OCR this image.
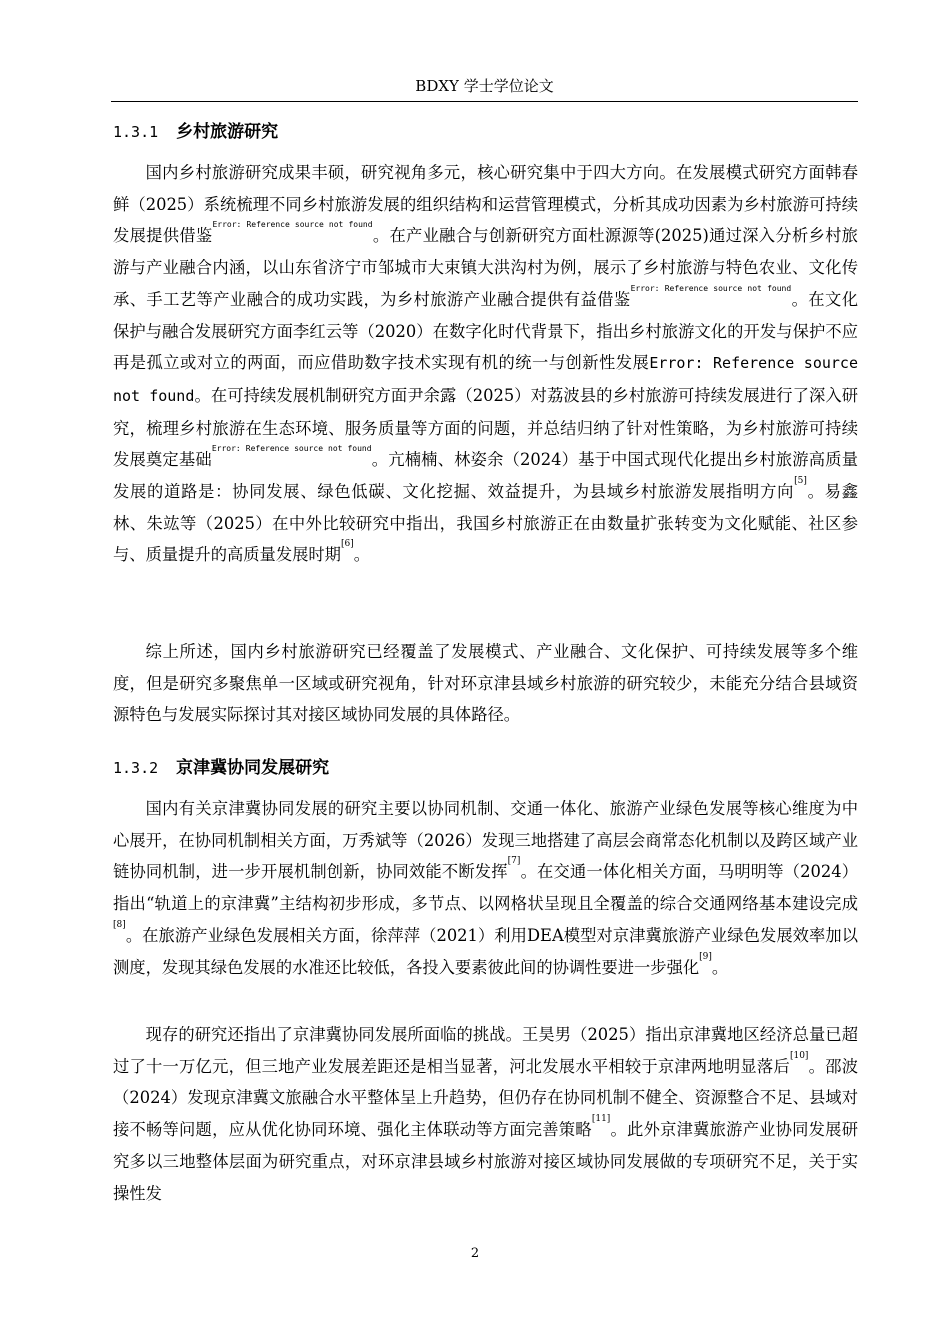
BDXY 学士学位论文
1.3.1 乡村旅游研究

国内乡村旅游研究成果丰硕，研究视角多元，核心研究集中于四大方向。在发展模式研究方面韩春鲜（2025）系统梳理不同乡村旅游发展的组织结构和运营管理模式，分析其成功因素为乡村旅游可持续发展提供借鉴$^{Error: Reference source not found}$。在产业融合与创新研究方面杜源源等(2025)通过深入分析乡村旅游与产业融合内涵，以山东省济宁市邹城市大束镇大洪沟村为例，展示了乡村旅游与特色农业、文化传承、手工艺等产业融合的成功实践，为乡村旅游产业融合提供有益借鉴$^{Error: Reference source not found}$。在文化保护与融合发展研究方面李红云等（2020）在数字化时代背景下，指出乡村旅游文化的开发与保护不应再是孤立或对立的两面，而应借助数字技术实现有机的统一与创新性发展Error: Reference source not found。在可持续发展机制研究方面尹余露（2025）对荔波县的乡村旅游可持续发展进行了深入研究，梳理乡村旅游在生态环境、服务质量等方面的问题，并总结归纳了针对性策略，为乡村旅游可持续发展奠定基础$^{Error: Reference source not found}$。亢楠楠、林姿余（2024）基于中国式现代化提出乡村旅游高质量发展的道路是：协同发展、绿色低碳、文化挖掘、效益提升，为县域乡村旅游发展指明方向[5]。易鑫林、朱竑等（2025）在中外比较研究中指出，我国乡村旅游正在由数量扩张转变为文化赋能、社区参与、质量提升的高质量发展时期[6]。

综上所述，国内乡村旅游研究已经覆盖了发展模式、产业融合、文化保护、可持续发展等多个维度，但是研究多聚焦单一区域或研究视角，针对环京津县域乡村旅游的研究较少，未能充分结合县域资源特色与发展实际探讨其对接区域协同发展的具体路径。

1.3.2 京津冀协同发展研究

国内有关京津冀协同发展的研究主要以协同机制、交通一体化、旅游产业绿色发展等核心维度为中心展开，在协同机制相关方面，万秀斌等（2026）发现三地搭建了高层会商常态化机制以及跨区域产业链协同机制，进一步开展机制创新，协同效能不断发挥[7]。在交通一体化相关方面，马明明等（2024）指出“轨道上的京津冀”主结构初步形成，多节点、以网格状呈现且全覆盖的综合交通网络基本建设完成[8]。在旅游产业绿色发展相关方面，徐萍萍（2021）利用DEA模型对京津冀旅游产业绿色发展效率加以测度，发现其绿色发展的水准还比较低，各投入要素彼此间的协调性要进一步强化[9]。

现存的研究还指出了京津冀协同发展所面临的挑战。王昊男（2025）指出京津冀地区经济总量已超过了十一万亿元，但三地产业发展差距还是相当显著，河北发展水平相较于京津两地明显落后[10]。邵波（2024）发现京津冀文旅融合水平整体呈上升趋势，但仍存在协同机制不健全、资源整合不足、县域对接不畅等问题，应从优化协同环境、强化主体联动等方面完善策略[11]。此外京津冀旅游产业协同发展研究多以三地整体层面为研究重点，对环京津县域乡村旅游对接区域协同发展做的专项研究不足，关于实操性发

2
